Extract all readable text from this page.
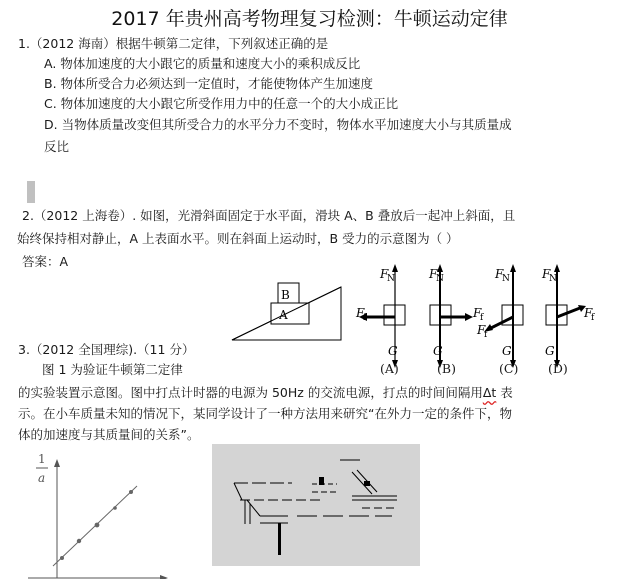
2017 年贵州高考物理复习检测：牛顿运动定律
1.（2012 海南）根据牛顿第二定律，下列叙述正确的是
A. 物体加速度的大小跟它的质量和速度大小的乘积成反比
B. 物体所受合力必须达到一定值时，才能使物体产生加速度
C. 物体加速度的大小跟它所受作用力中的任意一个的大小成正比
D. 当物体质量改变但其所受合力的水平分力不变时，物体水平加速度大小与其质量成
反比
2.（2012 上海卷）. 如图，光滑斜面固定于水平面，滑块 A、B 叠放后一起冲上斜面，且
始终保持相对静止，A 上表面水平。则在斜面上运动时，B 受力的示意图为（ ）
答案：A
B
A
F
N
F
f
G
(A)
F
N
F
f
G
(B)
F
N
F
f
G
(C)
F
N
F
f
G
(D)
3.（2012 全国理综).（11 分）
图 1 为验证牛顿第二定律
的实验装置示意图。图中打点计时器的电源为 50Hz 的交流电源，打点的时间间隔用Δt 表
示。在小车质量未知的情况下，某同学设计了一种方法用来研究“在外力一定的条件下，物
体的加速度与其质量间的关系”。
1
a
